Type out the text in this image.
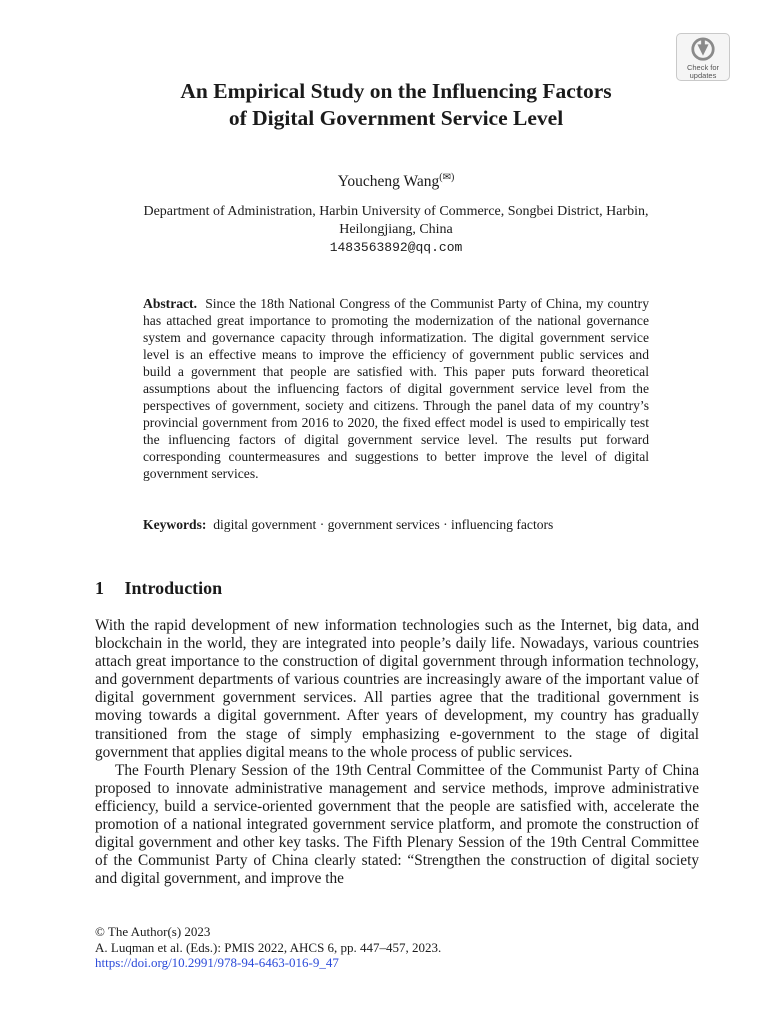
Check for
updates
An Empirical Study on the Influencing Factors
of Digital Government Service Level
Youcheng Wang(✉)
Department of Administration, Harbin University of Commerce, Songbei District, Harbin,
Heilongjiang, China
1483563892@qq.com
Abstract. Since the 18th National Congress of the Communist Party of China, my country has attached great importance to promoting the modernization of the national governance system and governance capacity through informatization. The digital government service level is an effective means to improve the efficiency of government public services and build a government that people are satisfied with. This paper puts forward theoretical assumptions about the influencing factors of digital government service level from the perspectives of government, society and citizens. Through the panel data of my country’s provincial government from 2016 to 2020, the fixed effect model is used to empirically test the influencing factors of digital government service level. The results put forward corresponding countermeasures and suggestions to better improve the level of digital government services.
Keywords: digital government · government services · influencing factors
1 Introduction

With the rapid development of new information technologies such as the Internet, big data, and blockchain in the world, they are integrated into people’s daily life. Nowadays, various countries attach great importance to the construction of digital government through information technology, and government departments of various countries are increasingly aware of the important value of digital government government services. All parties agree that the traditional government is moving towards a digital government. After years of development, my country has gradually transitioned from the stage of simply emphasizing e-government to the stage of digital government that applies digital means to the whole process of public services.

The Fourth Plenary Session of the 19th Central Committee of the Communist Party of China proposed to innovate administrative management and service methods, improve administrative efficiency, build a service-oriented government that the people are satisfied with, accelerate the promotion of a national integrated government service platform, and promote the construction of digital government and other key tasks. The Fifth Plenary Session of the 19th Central Committee of the Communist Party of China clearly stated: “Strengthen the construction of digital society and digital government, and improve the

© The Author(s) 2023
A. Luqman et al. (Eds.): PMIS 2022, AHCS 6, pp. 447–457, 2023.
https://doi.org/10.2991/978-94-6463-016-9_47
